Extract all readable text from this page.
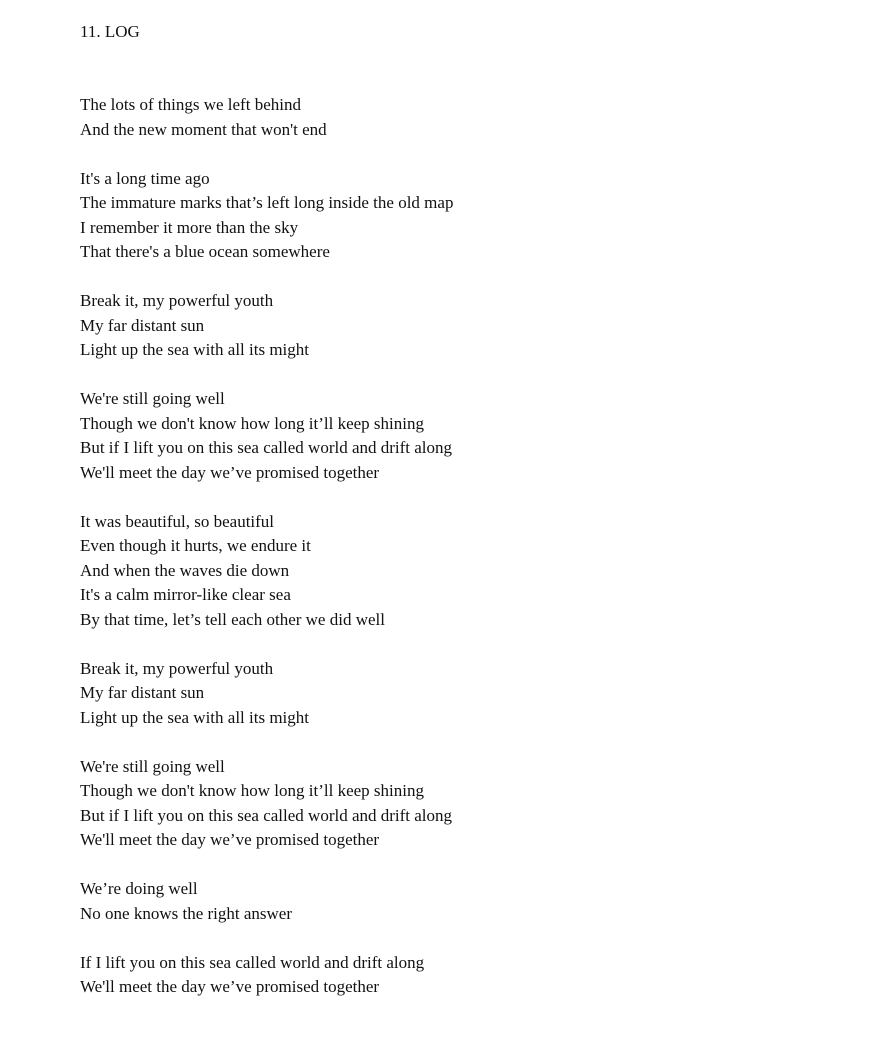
11. LOG
The lots of things we left behind
And the new moment that won't end
It's a long time ago
The immature marks that’s left long inside the old map
I remember it more than the sky
That there's a blue ocean somewhere
Break it, my powerful youth
My far distant sun
Light up the sea with all its might
We're still going well
Though we don't know how long it’ll keep shining
But if I lift you on this sea called world and drift along
We'll meet the day we’ve promised together
It was beautiful, so beautiful
Even though it hurts, we endure it
And when the waves die down
It's a calm mirror-like clear sea
By that time, let’s tell each other we did well
Break it, my powerful youth
My far distant sun
Light up the sea with all its might
We're still going well
Though we don't know how long it’ll keep shining
But if I lift you on this sea called world and drift along
We'll meet the day we’ve promised together
We’re doing well
No one knows the right answer
If I lift you on this sea called world and drift along
We'll meet the day we’ve promised together
